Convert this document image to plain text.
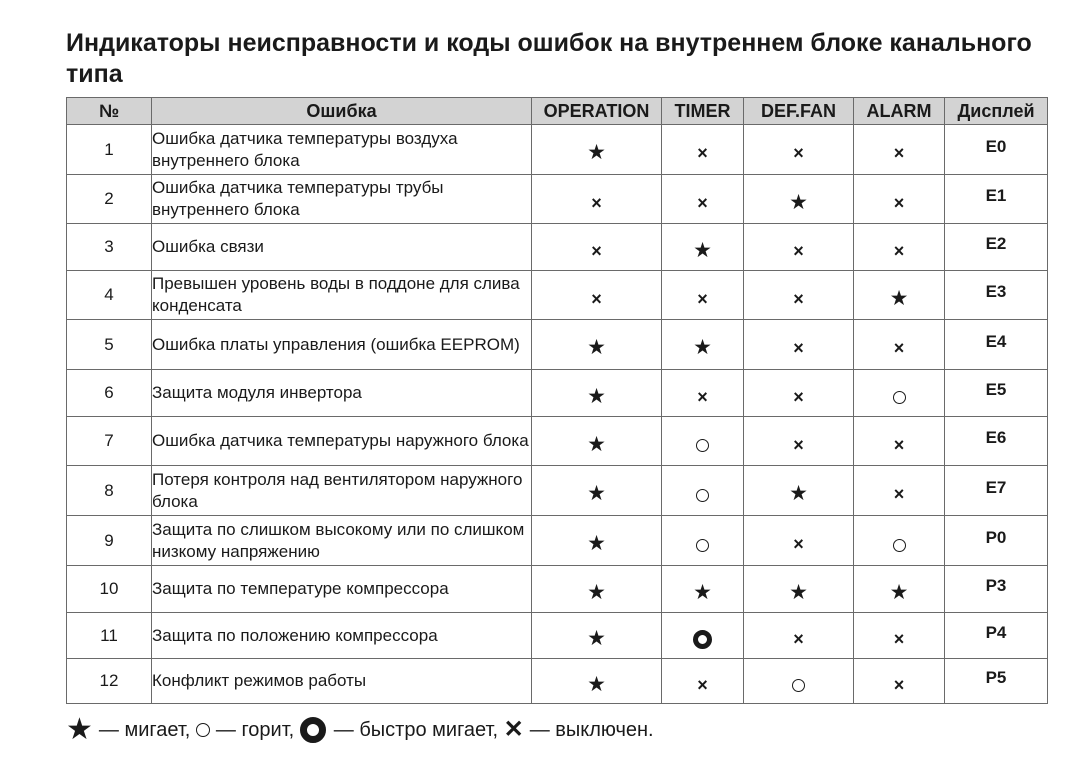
Индикаторы неисправности и коды ошибок на внутреннем блоке канального типа
№	Ошибка	OPERATION	TIMER	DEF.FAN	ALARM	Дисплей
1	Ошибка датчика температуры воздуха внутреннего блока	★	×	×	×	E0
2	Ошибка датчика температуры трубы внутреннего блока	×	×	★	×	E1
3	Ошибка связи	×	★	×	×	E2
4	Превышен уровень воды в поддоне для слива конденсата	×	×	×	★	E3
5	Ошибка платы управления (ошибка EEPROM)	★	★	×	×	E4
6	Защита модуля инвертора	★	×	×		E5
7	Ошибка датчика температуры наружного блока	★		×	×	E6
8	Потеря контроля над вентилятором наружного блока	★		★	×	E7
9	Защита по слишком высокому или по слишком низкому напряжению	★		×		P0
10	Защита по температуре компрессора	★	★	★	★	P3
11	Защита по положению компрессора	★		×	×	P4
12	Конфликт режимов работы	★	×		×	P5
★ — мигает,
— горит,
— быстро мигает,
✕ — выключен.
